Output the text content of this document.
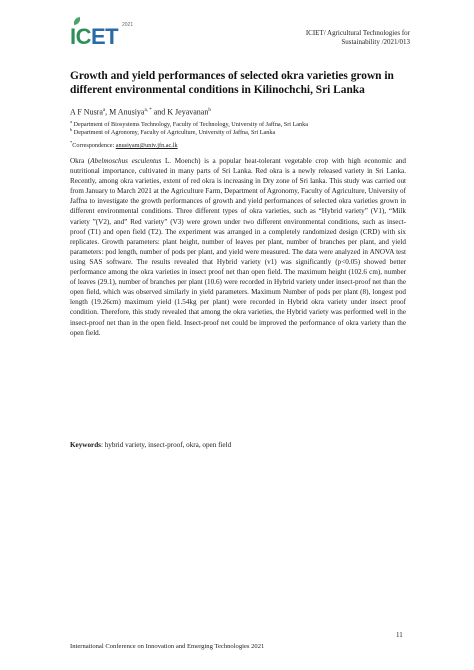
ICET 2021
ICIET/ Agricultural Technologies for
Sustainability /2021/013
Growth and yield performances of selected okra varieties grown in different environmental conditions in Kilinochchi, Sri Lanka
A F Nusra$^a$, M Anusiya$^{a, *}$ and K Jeyavanan$^b$
$^a$ Department of Biosystems Technology, Faculty of Technology, University of Jaffna, Sri Lanka
$^b$ Department of Agronomy, Faculty of Agriculture, University of Jaffna, Sri Lanka
*Correspondence: anusiyam@univ.jfn.ac.lk
Okra (Abelmoschus esculentus L. Moench) is a popular heat-tolerant vegetable crop with high economic and nutritional importance, cultivated in many parts of Sri Lanka. Red okra is a newly released variety in Sri Lanka. Recently, among okra varieties, extent of red okra is increasing in Dry zone of Sri lanka. This study was carried out from January to March 2021 at the Agriculture Farm, Department of Agronomy, Faculty of Agriculture, University of Jaffna to investigate the growth performances of growth and yield performances of selected okra varieties grown in different environmental conditions. Three different types of okra varieties, such as “Hybrid variety” (V1), “Milk variety ”(V2), and” Red variety” (V3) were grown under two different environmental conditions, such as insect-proof (T1) and open field (T2). The experiment was arranged in a completely randomized design (CRD) with six replicates. Growth parameters: plant height, number of leaves per plant, number of branches per plant, and yield parameters: pod length, number of pods per plant, and yield were measured. The data were analyzed in ANOVA test using SAS software. The results revealed that Hybrid variety (v1) was significantly (p<0.05) showed better performance among the okra varieties in insect proof net than open field. The maximum height (102.6 cm), number of leaves (29.1), number of branches per plant (10.6) were recorded in Hybrid variety under insect-proof net than the open field, which was observed similarly in yield parameters. Maximum Number of pods per plant (8), longest pod length (19.26cm) maximum yield (1.54kg per plant) were recorded in Hybrid okra variety under insect proof condition. Therefore, this study revealed that among the okra varieties, the Hybrid variety was performed well in the insect-proof net than in the open field. Insect-proof net could be improved the performance of okra variety than the open field.
Keywords: hybrid variety, insect-proof, okra, open field
11
International Conference on Innovation and Emerging Technologies 2021
